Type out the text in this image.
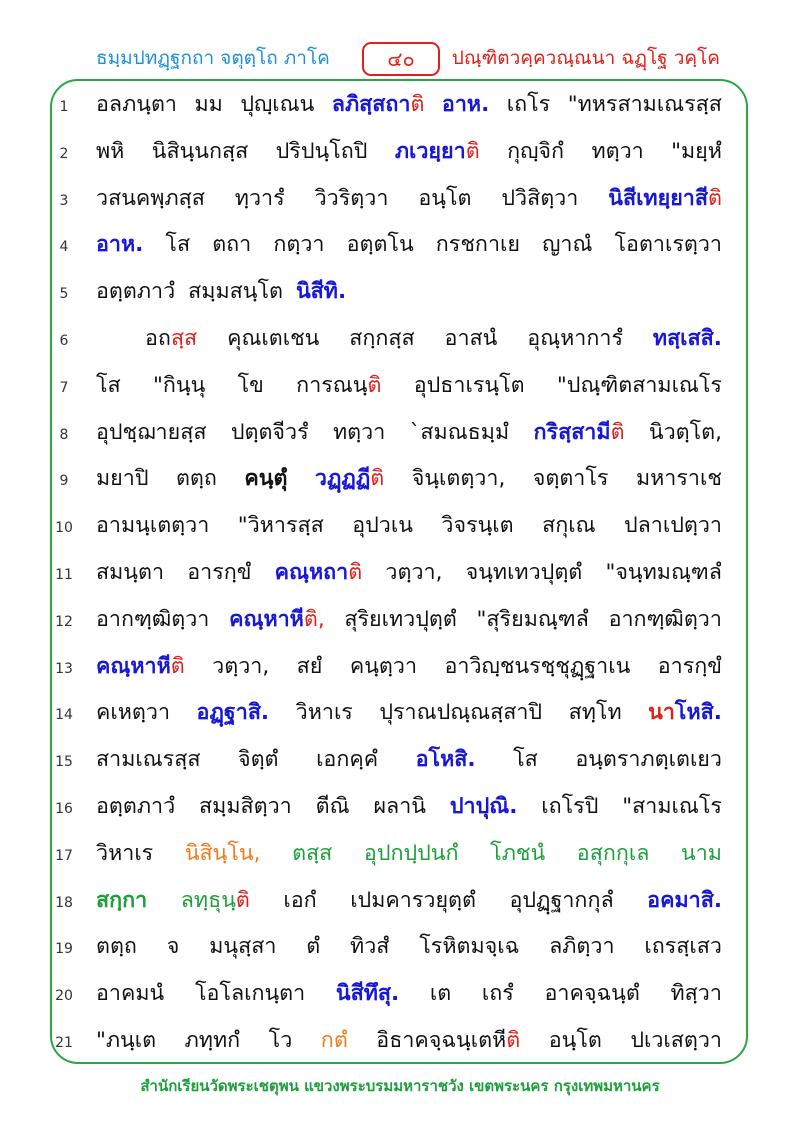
ธมฺมปทฏฺฐกถา จตุตฺโถ ภาโค	๔๐	ปณฺฑิตวคฺควณฺณนา ฉฏฺโฐ วคฺโค
1	อลภนฺตา มม ปุญฺเณน ลภิสฺสถาติ อาห. เถโร "ทหรสามเณรสฺส
2	พหิ นิสินฺนกสฺส ปริปนฺโถปิ ภเวยฺยาติ กุญฺจิกํ ทตฺวา "มยฺหํ
3	วสนคพฺภสฺส ทฺวารํ วิวริตฺวา อนฺโต ปวิสิตฺวา นิสีเทยฺยาสีติ
4	อาห. โส ตถา กตฺวา อตฺตโน กรชกาเย ญาณํ โอตาเรตฺวา
5	อตฺตภาวํ สมฺมสนฺโต นิสีทิ.
6	อถสฺส คุณเตเชน สกฺกสฺส อาสนํ อุณฺหาการํ ทสฺเสสิ.
7	โส "กินฺนุ โข การณนฺติ อุปธาเรนฺโต "ปณฺฑิตสามเณโร
8	อุปชฺฌายสฺส ปตฺตจีวรํ ทตฺวา `สมณธมฺมํ กริสฺสามีติ นิวตฺโต,
9	มยาปิ ตตฺถ คนฺตุํ วฏฺฏฏีติ จินฺเตตฺวา, จตฺตาโร มหาราเช
10	อามนฺเตตฺวา "วิหารสฺส อุปวเน วิจรนฺเต สกุเณ ปลาเปตฺวา
11	สมนฺตา อารกฺขํ คณฺหถาติ วตฺวา, จนฺทเทวปุตฺตํ "จนฺทมณฺฑลํ
12	อากฑฺฒิตฺวา คณฺหาหีติ, สุริยเทวปุตฺตํ "สุริยมณฺฑลํ อากฑฺฒิตฺวา
13	คณฺหาหีติ วตฺวา, สยํ คนฺตฺวา อาวิญฺชนรชฺชุฏฺฐาเน อารกฺขํ
14	คเหตฺวา อฏฺฐาสิ. วิหาเร ปุราณปณฺณสฺสาปิ สทฺโท นาโหสิ.
15	สามเณรสฺส จิตฺตํ เอกคฺคํ อโหสิ. โส อนฺตราภตฺเตเยว
16	อตฺตภาวํ สมฺมสิตฺวา ตีณิ ผลานิ ปาปุณิ. เถโรปิ "สามเณโร
17	วิหาเร นิสินฺโน, ตสฺส อุปกปฺปนกํ โภชนํ อสุกกุเล นาม
18	สกฺกา ลทฺธุนฺติ เอกํ เปมคารวยุตฺตํ อุปฏฺฐากกุลํ อคมาสิ.
19	ตตฺถ จ มนุสฺสา ตํ ทิวสํ โรหิตมจฺเฉ ลภิตฺวา เถรสฺเสว
20	อาคมนํ โอโลเกนฺตา นิสีทึสุ. เต เถรํ อาคจฺฉนฺตํ ทิสฺวา
21	"ภนฺเต ภทฺทกํ โว กตํ อิธาคจฺฉนฺเตหีติ อนฺโต ปเวเสตฺวา
สำนักเรียนวัดพระเชตุพน แขวงพระบรมมหาราชวัง เขตพระนคร กรุงเทพมหานคร
